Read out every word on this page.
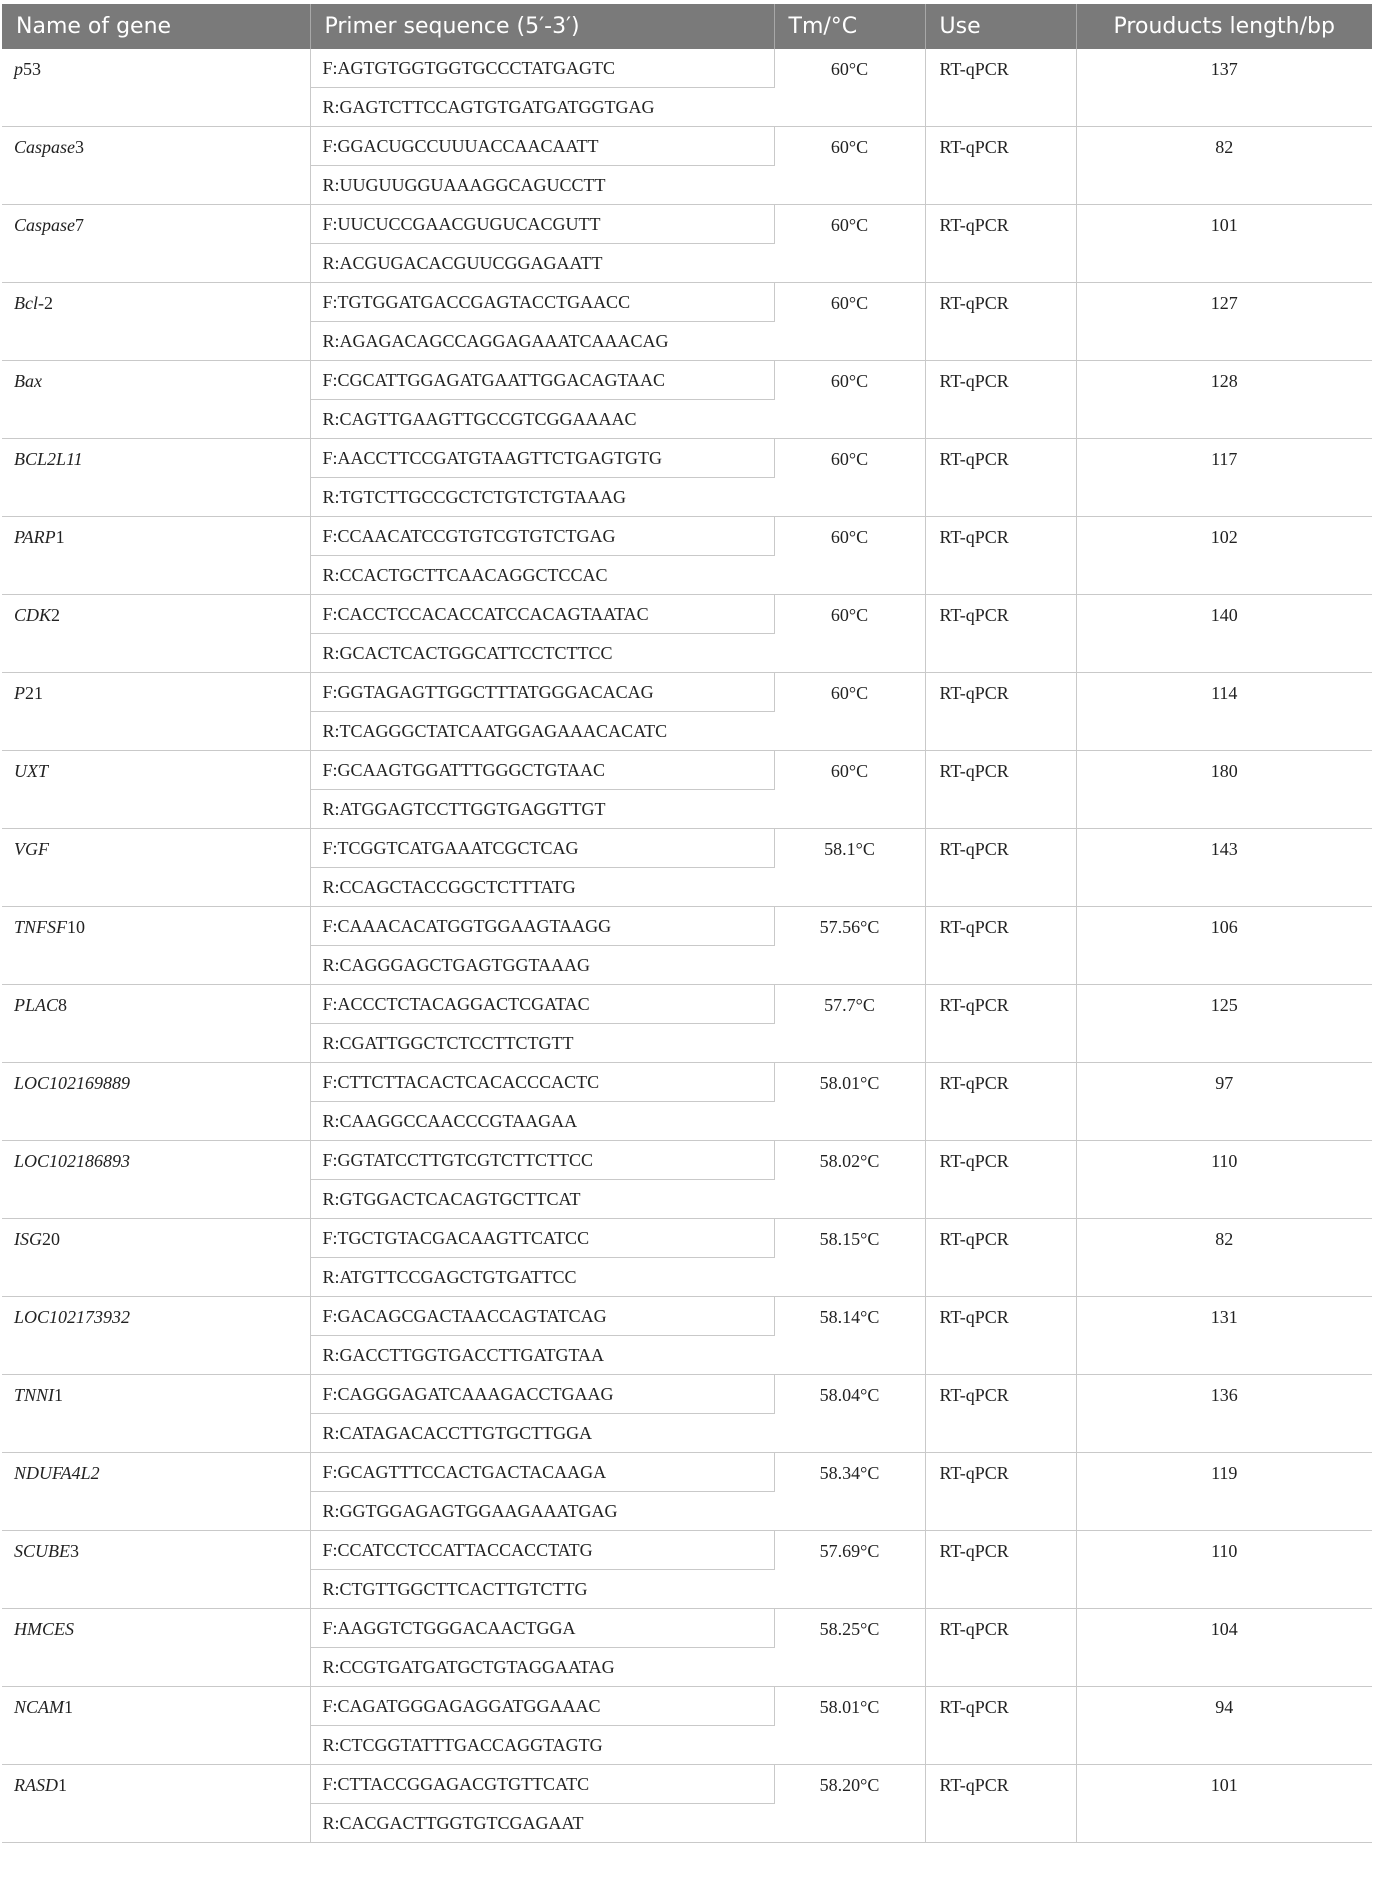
Name of gene	Primer sequence (5′-3′)	Tm/°C	Use	Prouducts length/bp
p53	F:AGTGTGGTGGTGCCCTATGAGTC	60°C	RT-qPCR	137
	R:GAGTCTTCCAGTGTGATGATGGTGAG			
Caspase3	F:GGACUGCCUUUACCAACAATT	60°C	RT-qPCR	82
	R:UUGUUGGUAAAGGCAGUCCTT			
Caspase7	F:UUCUCCGAACGUGUCACGUTT	60°C	RT-qPCR	101
	R:ACGUGACACGUUCGGAGAATT			
Bcl-2	F:TGTGGATGACCGAGTACCTGAACC	60°C	RT-qPCR	127
	R:AGAGACAGCCAGGAGAAATCAAACAG			
Bax	F:CGCATTGGAGATGAATTGGACAGTAAC	60°C	RT-qPCR	128
	R:CAGTTGAAGTTGCCGTCGGAAAAC			
BCL2L11	F:AACCTTCCGATGTAAGTTCTGAGTGTG	60°C	RT-qPCR	117
	R:TGTCTTGCCGCTCTGTCTGTAAAG			
PARP1	F:CCAACATCCGTGTCGTGTCTGAG	60°C	RT-qPCR	102
	R:CCACTGCTTCAACAGGCTCCAC			
CDK2	F:CACCTCCACACCATCCACAGTAATAC	60°C	RT-qPCR	140
	R:GCACTCACTGGCATTCCTCTTCC			
P21	F:GGTAGAGTTGGCTTTATGGGACACAG	60°C	RT-qPCR	114
	R:TCAGGGCTATCAATGGAGAAACACATC			
UXT	F:GCAAGTGGATTTGGGCTGTAAC	60°C	RT-qPCR	180
	R:ATGGAGTCCTTGGTGAGGTTGT			
VGF	F:TCGGTCATGAAATCGCTCAG	58.1°C	RT-qPCR	143
	R:CCAGCTACCGGCTCTTTATG			
TNFSF10	F:CAAACACATGGTGGAAGTAAGG	57.56°C	RT-qPCR	106
	R:CAGGGAGCTGAGTGGTAAAG			
PLAC8	F:ACCCTCTACAGGACTCGATAC	57.7°C	RT-qPCR	125
	R:CGATTGGCTCTCCTTCTGTT			
LOC102169889	F:CTTCTTACACTCACACCCACTC	58.01°C	RT-qPCR	97
	R:CAAGGCCAACCCGTAAGAA			
LOC102186893	F:GGTATCCTTGTCGTCTTCTTCC	58.02°C	RT-qPCR	110
	R:GTGGACTCACAGTGCTTCAT			
ISG20	F:TGCTGTACGACAAGTTCATCC	58.15°C	RT-qPCR	82
	R:ATGTTCCGAGCTGTGATTCC			
LOC102173932	F:GACAGCGACTAACCAGTATCAG	58.14°C	RT-qPCR	131
	R:GACCTTGGTGACCTTGATGTAA			
TNNI1	F:CAGGGAGATCAAAGACCTGAAG	58.04°C	RT-qPCR	136
	R:CATAGACACCTTGTGCTTGGA			
NDUFA4L2	F:GCAGTTTCCACTGACTACAAGA	58.34°C	RT-qPCR	119
	R:GGTGGAGAGTGGAAGAAATGAG			
SCUBE3	F:CCATCCTCCATTACCACCTATG	57.69°C	RT-qPCR	110
	R:CTGTTGGCTTCACTTGTCTTG			
HMCES	F:AAGGTCTGGGACAACTGGA	58.25°C	RT-qPCR	104
	R:CCGTGATGATGCTGTAGGAATAG			
NCAM1	F:CAGATGGGAGAGGATGGAAAC	58.01°C	RT-qPCR	94
	R:CTCGGTATTTGACCAGGTAGTG			
RASD1	F:CTTACCGGAGACGTGTTCATC	58.20°C	RT-qPCR	101
	R:CACGACTTGGTGTCGAGAAT			
